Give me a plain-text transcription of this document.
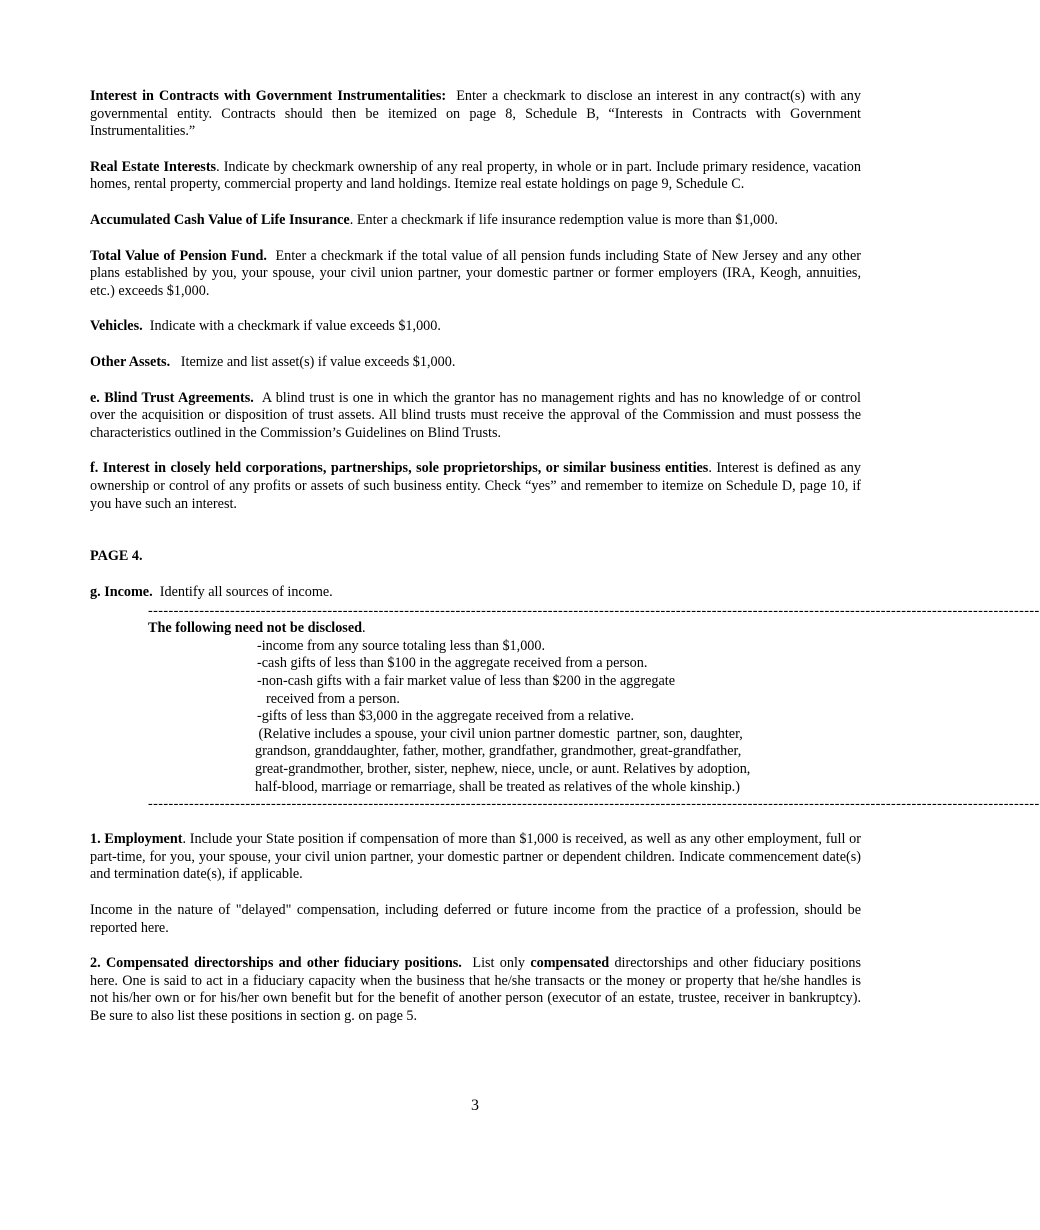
Interest in Contracts with Government Instrumentalities: Enter a checkmark to disclose an interest in any contract(s) with any governmental entity. Contracts should then be itemized on page 8, Schedule B, “Interests in Contracts with Government Instrumentalities.”

Real Estate Interests. Indicate by checkmark ownership of any real property, in whole or in part. Include primary residence, vacation homes, rental property, commercial property and land holdings. Itemize real estate holdings on page 9, Schedule C.

Accumulated Cash Value of Life Insurance. Enter a checkmark if life insurance redemption value is more than $1,000.

Total Value of Pension Fund. Enter a checkmark if the total value of all pension funds including State of New Jersey and any other plans established by you, your spouse, your civil union partner, your domestic partner or former employers (IRA, Keogh, annuities, etc.) exceeds $1,000.

Vehicles. Indicate with a checkmark if value exceeds $1,000.

Other Assets. Itemize and list asset(s) if value exceeds $1,000.

e. Blind Trust Agreements. A blind trust is one in which the grantor has no management rights and has no knowledge of or control over the acquisition or disposition of trust assets. All blind trusts must receive the approval of the Commission and must possess the characteristics outlined in the Commission’s Guidelines on Blind Trusts.

f. Interest in closely held corporations, partnerships, sole proprietorships, or similar business entities. Interest is defined as any ownership or control of any profits or assets of such business entity. Check “yes” and remember to itemize on Schedule D, page 10, if you have such an interest.

PAGE 4.

g. Income. Identify all sources of income.

------------------------------------------------------------------------------------------------------------------------------------------------------------------------------
The following need not be disclosed.
-income from any source totaling less than $1,000.
-cash gifts of less than $100 in the aggregate received from a person.
-non-cash gifts with a fair market value of less than $200 in the aggregate
received from a person.
-gifts of less than $3,000 in the aggregate received from a relative.
(Relative includes a spouse, your civil union partner domestic  partner, son, daughter,
grandson, granddaughter, father, mother, grandfather, grandmother, great-grandfather,
great-grandmother, brother, sister, nephew, niece, uncle, or aunt. Relatives by adoption,
half-blood, marriage or remarriage, shall be treated as relatives of the whole kinship.)
------------------------------------------------------------------------------------------------------------------------------------------------------------------------------

1. Employment. Include your State position if compensation of more than $1,000 is received, as well as any other employment, full or part-time, for you, your spouse, your civil union partner, your domestic partner or dependent children. Indicate commencement date(s) and termination date(s), if applicable.

Income in the nature of "delayed" compensation, including deferred or future income from the practice of a profession, should be reported here.

2. Compensated directorships and other fiduciary positions. List only compensated directorships and other fiduciary positions here. One is said to act in a fiduciary capacity when the business that he/she transacts or the money or property that he/she handles is not his/her own or for his/her own benefit but for the benefit of another person (executor of an estate, trustee, receiver in bankruptcy). Be sure to also list these positions in section g. on page 5.

3
